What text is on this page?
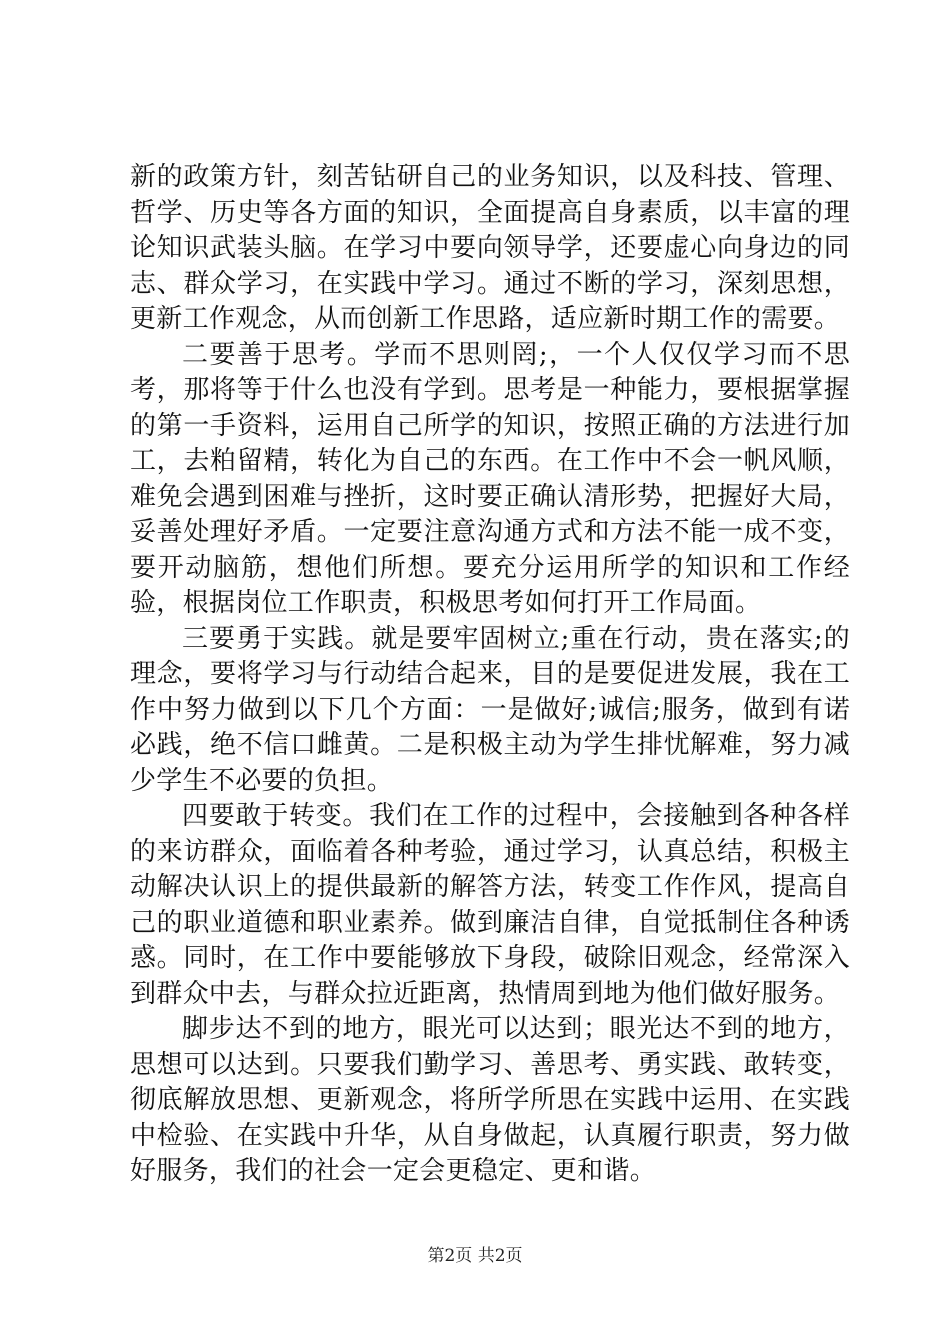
新的政策方针，刻苦钻研自己的业务知识，以及科技、管理、哲学、历史等各方面的知识，全面提高自身素质，以丰富的理论知识武装头脑。在学习中要向领导学，还要虚心向身边的同志、群众学习，在实践中学习。通过不断的学习，深刻思想，更新工作观念，从而创新工作思路，适应新时期工作的需要。

二要善于思考。学而不思则罔;，一个人仅仅学习而不思考，那将等于什么也没有学到。思考是一种能力，要根据掌握的第一手资料，运用自己所学的知识，按照正确的方法进行加工，去粕留精，转化为自己的东西。在工作中不会一帆风顺，难免会遇到困难与挫折，这时要正确认清形势，把握好大局，妥善处理好矛盾。一定要注意沟通方式和方法不能一成不变，要开动脑筋，想他们所想。要充分运用所学的知识和工作经验，根据岗位工作职责，积极思考如何打开工作局面。

三要勇于实践。就是要牢固树立;重在行动，贵在落实;的理念，要将学习与行动结合起来，目的是要促进发展，我在工作中努力做到以下几个方面：一是做好;诚信;服务，做到有诺必践，绝不信口雌黄。二是积极主动为学生排忧解难，努力减少学生不必要的负担。

四要敢于转变。我们在工作的过程中，会接触到各种各样的来访群众，面临着各种考验，通过学习，认真总结，积极主动解决认识上的提供最新的解答方法，转变工作作风，提高自己的职业道德和职业素养。做到廉洁自律，自觉抵制住各种诱惑。同时，在工作中要能够放下身段，破除旧观念，经常深入到群众中去，与群众拉近距离，热情周到地为他们做好服务。

脚步达不到的地方，眼光可以达到；眼光达不到的地方，思想可以达到。只要我们勤学习、善思考、勇实践、敢转变，彻底解放思想、更新观念，将所学所思在实践中运用、在实践中检验、在实践中升华，从自身做起，认真履行职责，努力做好服务，我们的社会一定会更稳定、更和谐。

第2页 共2页
